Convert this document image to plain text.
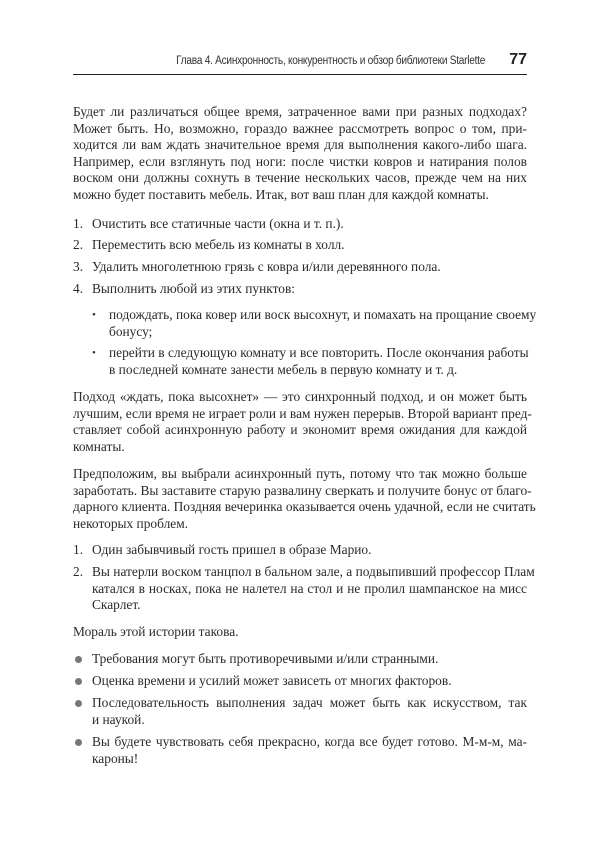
Глава 4. Асинхронность, конкурентность и обзор библиотеки Starlette 77
Будет ли различаться общее время, затраченное вами при разных подходах?
Может быть. Но, возможно, гораздо важнее рассмотреть вопрос о том, при-
ходится ли вам ждать значительное время для выполнения какого-либо шага.
Например, если взглянуть под ноги: после чистки ковров и натирания полов
воском они должны сохнуть в течение нескольких часов, прежде чем на них
можно будет поставить мебель. Итак, вот ваш план для каждой комнаты.
1. Очистить все статичные части (окна и т. п.).
2. Переместить всю мебель из комнаты в холл.
3. Удалить многолетнюю грязь с ковра и/или деревянного пола.
4. Выполнить любой из этих пунктов:
• подождать, пока ковер или воск высохнут, и помахать на прощание своему
бонусу;
• перейти в следующую комнату и все повторить. После окончания работы
в последней комнате занести мебель в первую комнату и т. д.
Подход «ждать, пока высохнет» — это синхронный подход, и он может быть
лучшим, если время не играет роли и вам нужен перерыв. Второй вариант пред-
ставляет собой асинхронную работу и экономит время ожидания для каждой
комнаты.
Предположим, вы выбрали асинхронный путь, потому что так можно больше
заработать. Вы заставите старую развалину сверкать и получите бонус от благо-
дарного клиента. Поздняя вечеринка оказывается очень удачной, если не считать
некоторых проблем.
1. Один забывчивый гость пришел в образе Марио.
2. Вы натерли воском танцпол в бальном зале, а подвыпивший профессор Плам
катался в носках, пока не налетел на стол и не пролил шампанское на мисс
Скарлет.
Мораль этой истории такова.
Требования могут быть противоречивыми и/или странными.
Оценка времени и усилий может зависеть от многих факторов.
Последовательность выполнения задач может быть как искусством, так
и наукой.
Вы будете чувствовать себя прекрасно, когда все будет готово. М-м-м, ма-
кароны!
